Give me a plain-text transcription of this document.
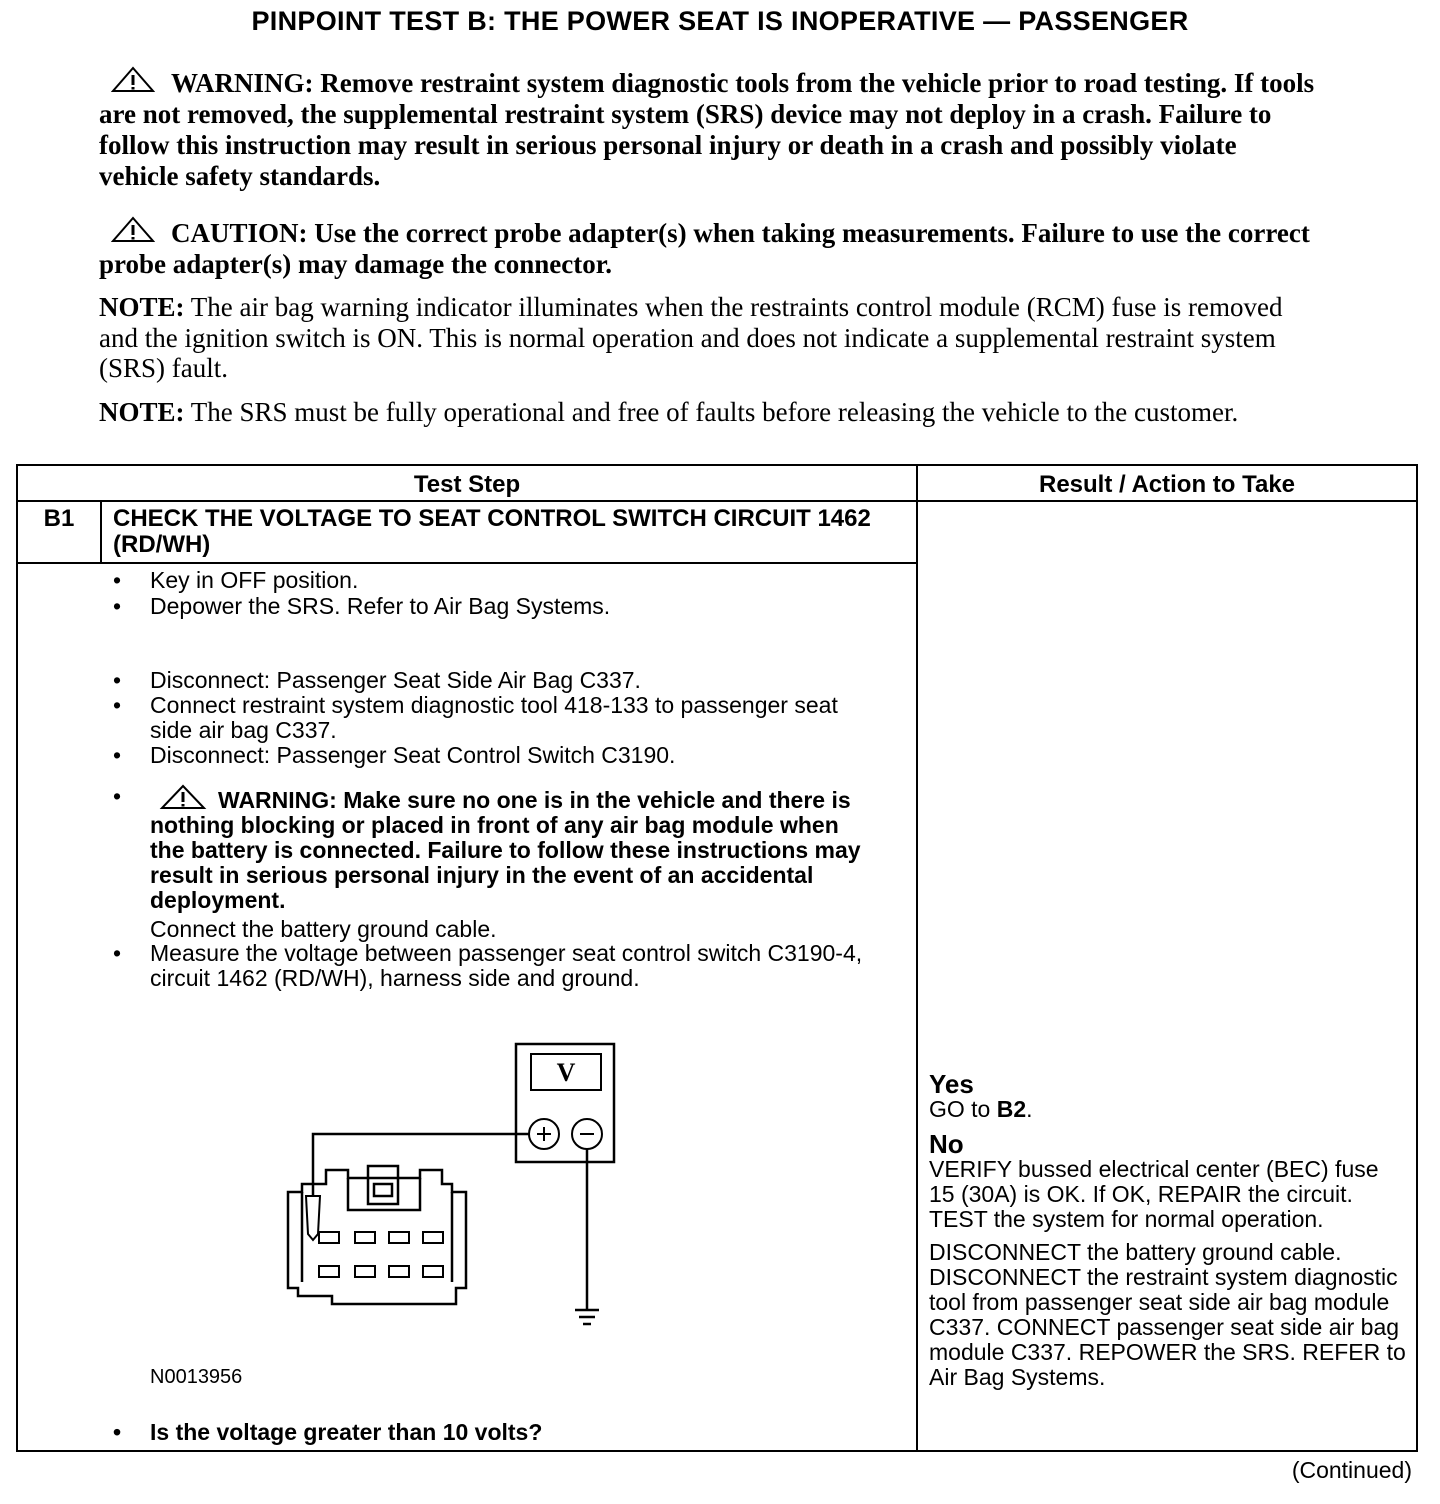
PINPOINT TEST B: THE POWER SEAT IS INOPERATIVE — PASSENGER
WARNING: Remove restraint system diagnostic tools from the vehicle prior to road testing. If tools are not removed, the supplemental restraint system (SRS) device may not deploy in a crash. Failure to follow this instruction may result in serious personal injury or death in a crash and possibly violate vehicle safety standards.
CAUTION: Use the correct probe adapter(s) when taking measurements. Failure to use the correct probe adapter(s) may damage the connector.
NOTE: The air bag warning indicator illuminates when the restraints control module (RCM) fuse is removed and the ignition switch is ON. This is normal operation and does not indicate a supplemental restraint system (SRS) fault.
NOTE: The SRS must be fully operational and free of faults before releasing the vehicle to the customer.
Test Step	Result / Action to Take
B1	CHECK THE VOLTAGE TO SEAT CONTROL SWITCH CIRCUIT 1462 (RD/WH)
•	Key in OFF position.
•	Depower the SRS. Refer to Air Bag Systems.
•	Disconnect: Passenger Seat Side Air Bag C337.
•	Connect restraint system diagnostic tool 418-133 to passenger seat side air bag C337.
•	Disconnect: Passenger Seat Control Switch C3190.
•	WARNING: Make sure no one is in the vehicle and there is nothing blocking or placed in front of any air bag module when the battery is connected. Failure to follow these instructions may result in serious personal injury in the event of an accidental deployment.
Connect the battery ground cable.
•	Measure the voltage between passenger seat control switch C3190-4, circuit 1462 (RD/WH), harness side and ground.
V
N0013956
•	Is the voltage greater than 10 volts?
Yes
GO to B2.
No
VERIFY bussed electrical center (BEC) fuse 15 (30A) is OK. If OK, REPAIR the circuit. TEST the system for normal operation.
DISCONNECT the battery ground cable. DISCONNECT the restraint system diagnostic tool from passenger seat side air bag module C337. CONNECT passenger seat side air bag module C337. REPOWER the SRS. REFER to Air Bag Systems.
(Continued)
